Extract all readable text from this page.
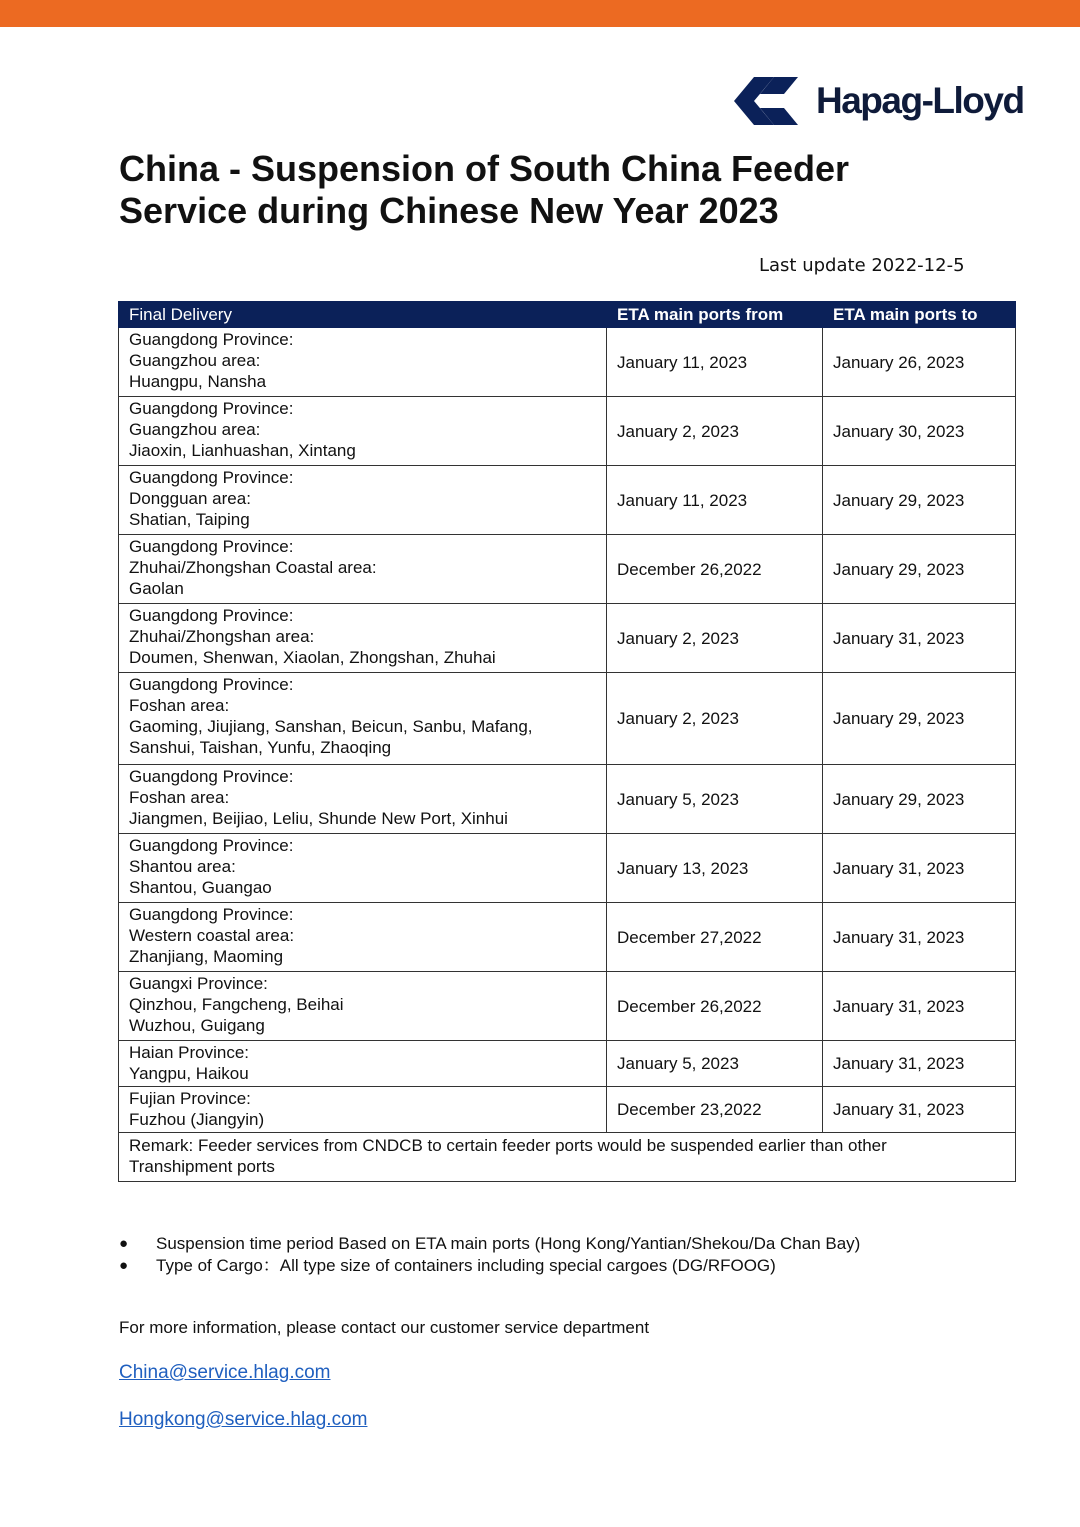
Hapag-Lloyd
China - Suspension of South China Feeder
Service during Chinese New Year 2023
Last update 2022-12-5
Final Delivery	ETA main ports from	ETA main ports to

Guangdong Province:
Guangzhou area:
Huangpu, Nansha	January 11, 2023	January 26, 2023

Guangdong Province:
Guangzhou area:
Jiaoxin, Lianhuashan, Xintang	January 2, 2023	January 30, 2023

Guangdong Province:
Dongguan area:
Shatian, Taiping	January 11, 2023	January 29, 2023

Guangdong Province:
Zhuhai/Zhongshan Coastal area:
Gaolan	December 26,2022	January 29, 2023

Guangdong Province:
Zhuhai/Zhongshan area:
Doumen, Shenwan, Xiaolan, Zhongshan, Zhuhai	January 2, 2023	January 31, 2023

Guangdong Province:
Foshan area:
Gaoming, Jiujiang, Sanshan, Beicun, Sanbu, Mafang,
Sanshui, Taishan, Yunfu, Zhaoqing	January 2, 2023	January 29, 2023

Guangdong Province:
Foshan area:
Jiangmen, Beijiao, Leliu, Shunde New Port, Xinhui	January 5, 2023	January 29, 2023

Guangdong Province:
Shantou area:
Shantou, Guangao	January 13, 2023	January 31, 2023

Guangdong Province:
Western coastal area:
Zhanjiang, Maoming	December 27,2022	January 31, 2023

Guangxi Province:
Qinzhou, Fangcheng, Beihai
Wuzhou, Guigang	December 26,2022	January 31, 2023

Haian Province:
Yangpu, Haikou	January 5, 2023	January 31, 2023

Fujian Province:
Fuzhou (Jiangyin)	December 23,2022	January 31, 2023

Remark: Feeder services from CNDCB to certain feeder ports would be suspended earlier than other
Transhipment ports		
● Suspension time period Based on ETA main ports (Hong Kong/Yantian/Shekou/Da Chan Bay)
● Type of Cargo：All type size of containers including special cargoes (DG/RFOOG)
For more information, please contact our customer service department
China@service.hlag.com
Hongkong@service.hlag.com
